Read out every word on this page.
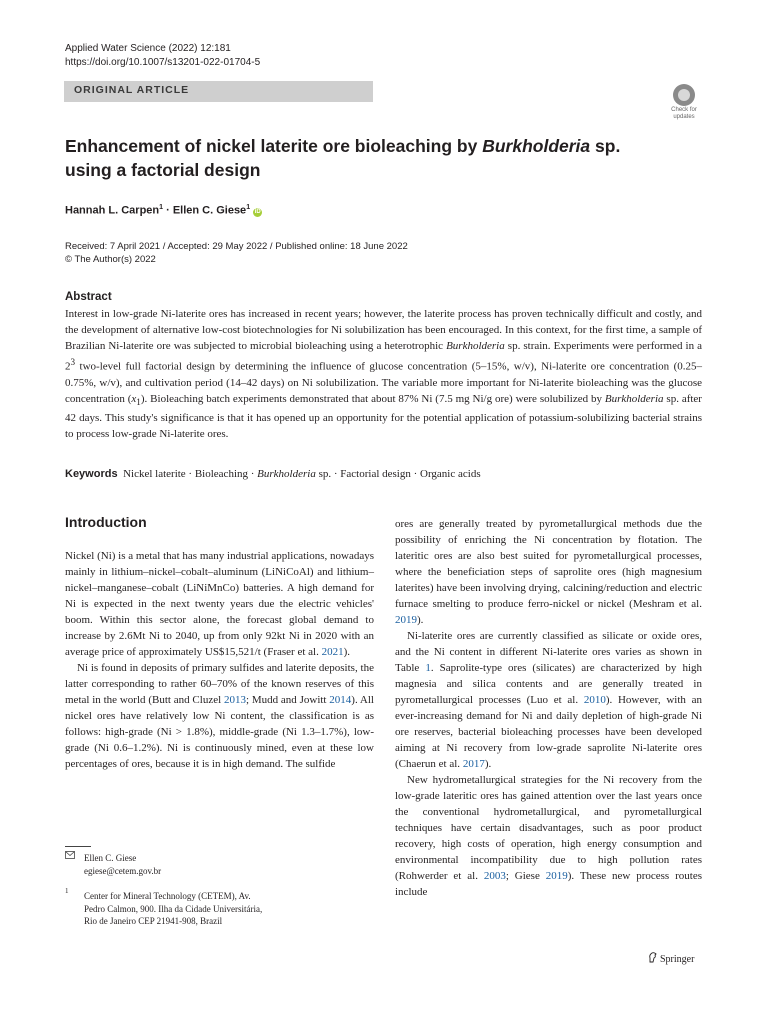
Applied Water Science (2022) 12:181
https://doi.org/10.1007/s13201-022-01704-5
ORIGINAL ARTICLE
Check for updates
Enhancement of nickel laterite ore bioleaching by Burkholderia sp.
using a factorial design
Hannah L. Carpen$^1$ · Ellen C. Giese$^1$ iD
Received: 7 April 2021 / Accepted: 29 May 2022 / Published online: 18 June 2022
© The Author(s) 2022
Abstract
Interest in low-grade Ni-laterite ores has increased in recent years; however, the laterite process has proven technically difficult and costly, and the development of alternative low-cost biotechnologies for Ni solubilization has been encouraged. In this context, for the first time, a sample of Brazilian Ni-laterite ore was subjected to microbial bioleaching using a heterotrophic Burkholderia sp. strain. Experiments were performed in a $2^3$ two-level full factorial design by determining the influence of glucose concentration (5–15%, w/v), Ni-laterite ore concentration (0.25–0.75%, w/v), and cultivation period (14–42 days) on Ni solubilization. The variable more important for Ni-laterite bioleaching was the glucose concentration $(x_1)$. Bioleaching batch experiments demonstrated that about 87% Ni (7.5 mg Ni/g ore) were solubilized by Burkholderia sp. after 42 days. This study's significance is that it has opened up an opportunity for the potential application of potassium-solubilizing bacterial strains to process low-grade Ni-laterite ores.
Keywords  Nickel laterite · Bioleaching · Burkholderia sp. · Factorial design · Organic acids
Introduction

Nickel (Ni) is a metal that has many industrial applications, nowadays mainly in lithium–nickel–cobalt–aluminum (LiNiCoAl) and lithium–nickel–manganese–cobalt (LiNiMnCo) batteries. A high demand for Ni is expected in the next twenty years due the electric vehicles' boom. Within this sector alone, the forecast global demand to increase by 2.6Mt Ni to 2040, up from only 92kt Ni in 2020 with an average price of approximately US$15,521/t (Fraser et al. 2021).

Ni is found in deposits of primary sulfides and laterite deposits, the latter corresponding to rather 60–70% of the known reserves of this metal in the world (Butt and Cluzel 2013; Mudd and Jowitt 2014). All nickel ores have relatively low Ni content, the classification is as follows: high-grade (Ni > 1.8%), middle-grade (Ni 1.3–1.7%), low-grade (Ni 0.6–1.2%). Ni is continuously mined, even at these low percentages of ores, because it is in high demand. The sulfide

ores are generally treated by pyrometallurgical methods due the possibility of enriching the Ni concentration by flotation. The lateritic ores are also best suited for pyrometallurgical processes, where the beneficiation steps of saprolite ores (high magnesium laterites) have been involving drying, calcining/reduction and electric furnace smelting to produce ferro-nickel or nickel (Meshram et al. 2019).

Ni-laterite ores are currently classified as silicate or oxide ores, and the Ni content in different Ni-laterite ores varies as shown in Table 1. Saprolite-type ores (silicates) are characterized by high magnesia and silica contents and are generally treated in pyrometallurgical processes (Luo et al. 2010). However, with an ever-increasing demand for Ni and daily depletion of high-grade Ni ore reserves, bacterial bioleaching processes have been developed aiming at Ni recovery from low-grade saprolite Ni-laterite ores (Chaerun et al. 2017).

New hydrometallurgical strategies for the Ni recovery from the low-grade lateritic ores has gained attention over the last years once the conventional hydrometallurgical, and pyrometallurgical techniques have certain disadvantages, such as poor product recovery, high costs of operation, high energy consumption and environmental incompatibility due to high pollution rates (Rohwerder et al. 2003; Giese 2019). These new process routes include

Ellen C. Giese
egiese@cetem.gov.br
1 Center for Mineral Technology (CETEM), Av.
Pedro Calmon, 900. Ilha da Cidade Universitária,
Rio de Janeiro CEP 21941-908, Brazil
Springer
